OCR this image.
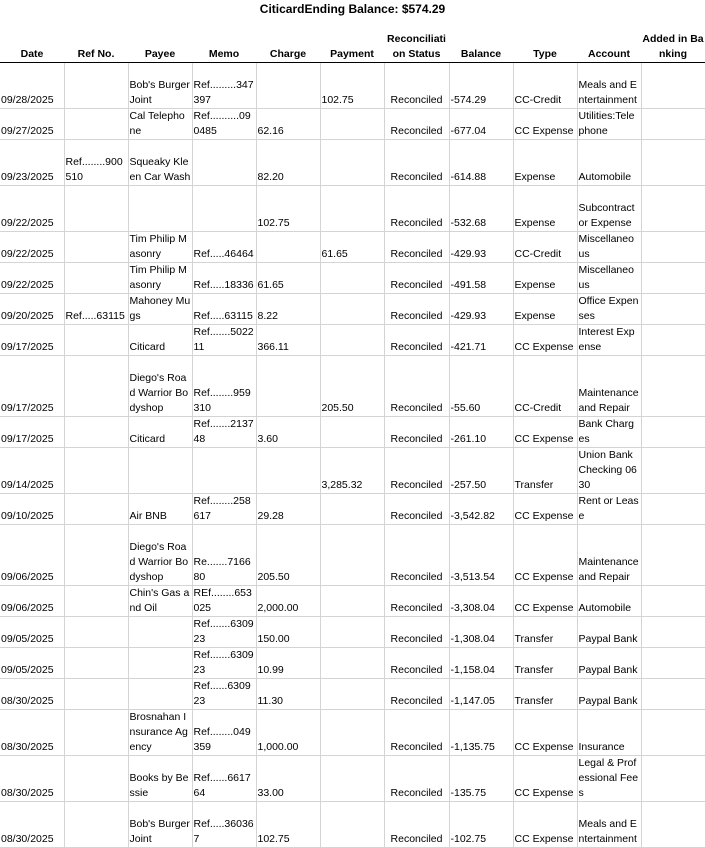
CiticardEnding Balance: $574.29
Date	Ref No.	Payee	Memo	Charge	Payment	Reconciliation Status	Balance	Type	Account	Added in Banking
09/28/2025		Bob's Burger Joint	Ref.........347397		102.75	Reconciled	-574.29	CC-Credit	Meals and Entertainment	
09/27/2025		Cal Telephone	Ref..........090485	62.16		Reconciled	-677.04	CC Expense	Utilities:Telephone	
09/23/2025	Ref........900510	Squeaky Kleen Car Wash		82.20		Reconciled	-614.88	Expense	Automobile	
09/22/2025				102.75		Reconciled	-532.68	Expense	Subcontractor Expense	
09/22/2025		Tim Philip Masonry	Ref.....46464		61.65	Reconciled	-429.93	CC-Credit	Miscellaneous	
09/22/2025		Tim Philip Masonry	Ref.....18336	61.65		Reconciled	-491.58	Expense	Miscellaneous	
09/20/2025	Ref.....63115	Mahoney Mugs	Ref.....63115	8.22		Reconciled	-429.93	Expense	Office Expenses	
09/17/2025		Citicard	Ref.......502211	366.11		Reconciled	-421.71	CC Expense	Interest Expense	
09/17/2025		Diego's Road Warrior Bodyshop	Ref........959310		205.50	Reconciled	-55.60	CC-Credit	Maintenance and Repair	
09/17/2025		Citicard	Ref.......213748	3.60		Reconciled	-261.10	CC Expense	Bank Charges	
09/14/2025					3,285.32	Reconciled	-257.50	Transfer	Union Bank Checking 0630	
09/10/2025		Air BNB	Ref........258617	29.28		Reconciled	-3,542.82	CC Expense	Rent or Lease	
09/06/2025		Diego's Road Warrior Bodyshop	Re.......716680	205.50		Reconciled	-3,513.54	CC Expense	Maintenance and Repair	
09/06/2025		Chin's Gas and Oil	REf........653025	2,000.00		Reconciled	-3,308.04	CC Expense	Automobile	
09/05/2025			Ref.......630923	150.00		Reconciled	-1,308.04	Transfer	Paypal Bank	
09/05/2025			Ref.......630923	10.99		Reconciled	-1,158.04	Transfer	Paypal Bank	
08/30/2025			Ref......630923	11.30		Reconciled	-1,147.05	Transfer	Paypal Bank	
08/30/2025		Brosnahan Insurance Agency	Ref........049359	1,000.00		Reconciled	-1,135.75	CC Expense	Insurance	
08/30/2025		Books by Bessie	Ref......661764	33.00		Reconciled	-135.75	CC Expense	Legal & Professional Fees	
08/30/2025		Bob's Burger Joint	Ref.....360367	102.75		Reconciled	-102.75	CC Expense	Meals and Entertainment	
